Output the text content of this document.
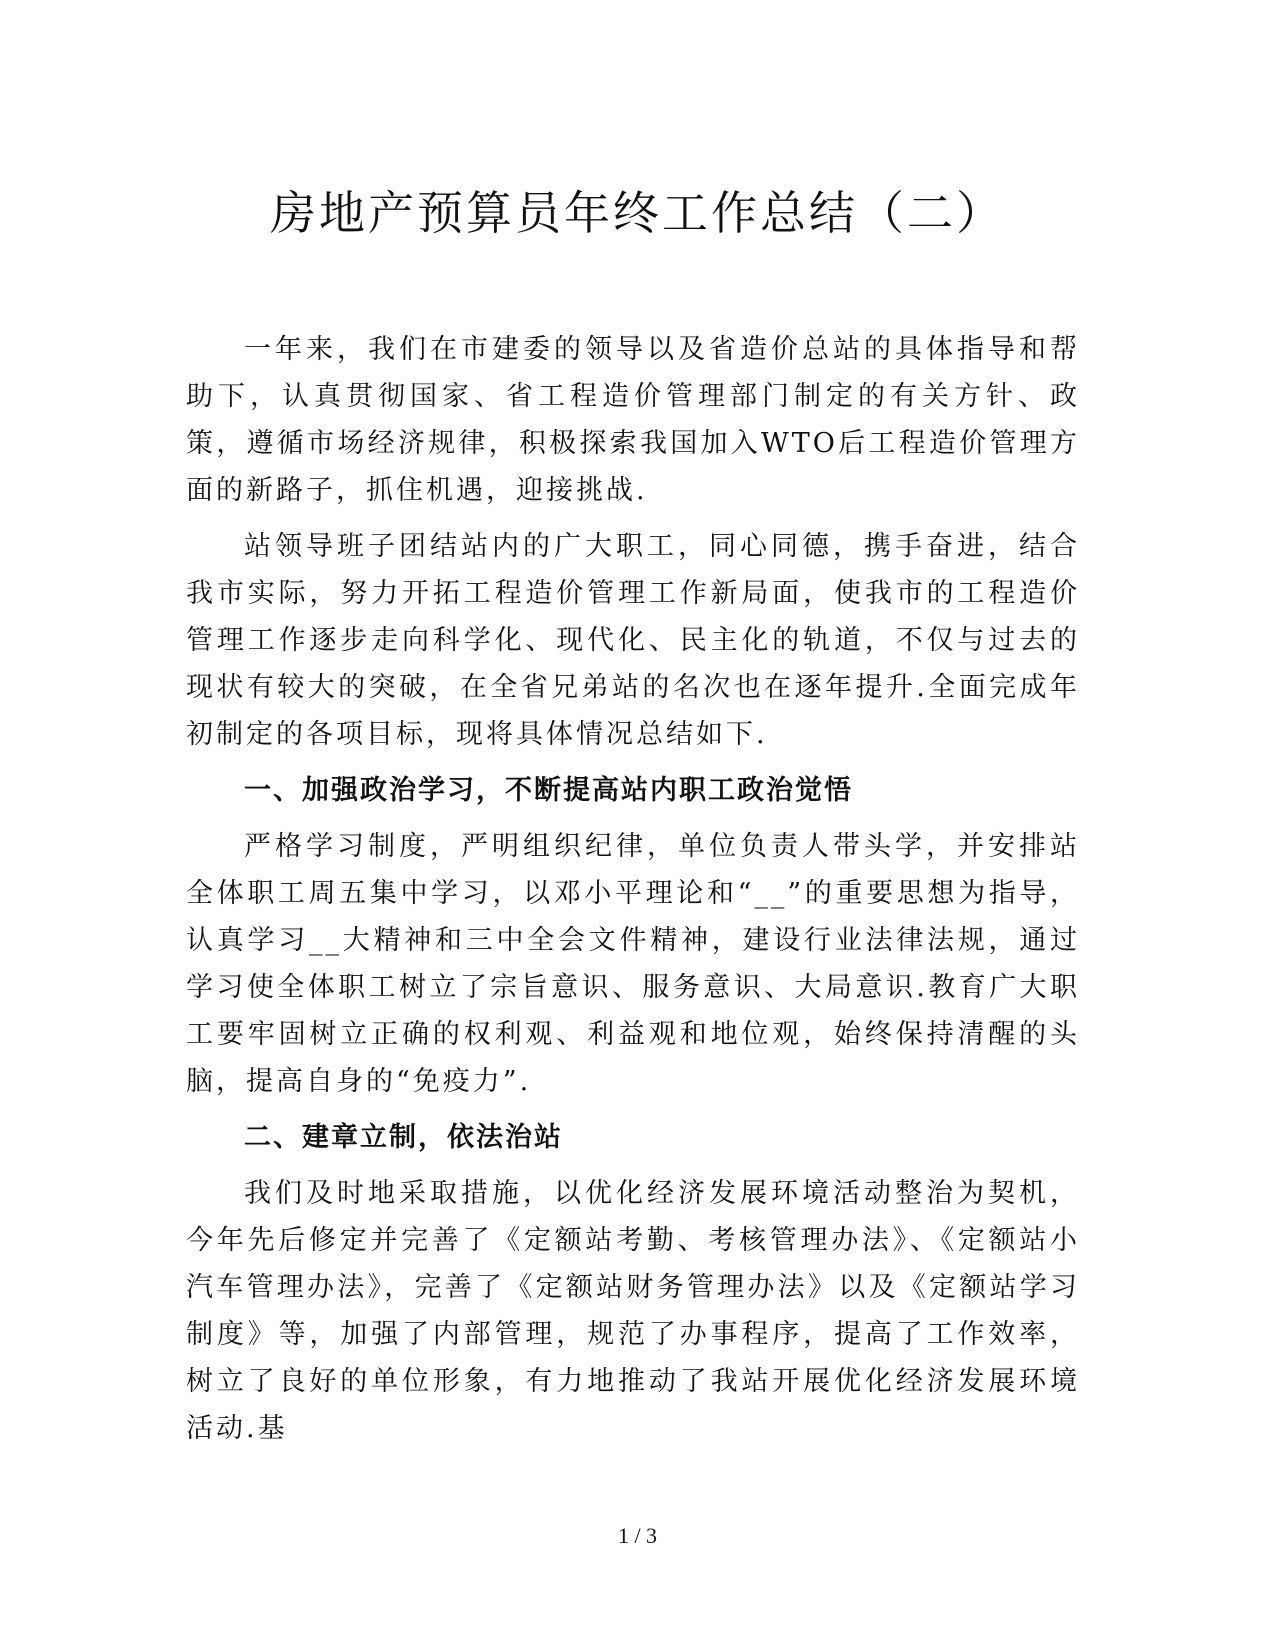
房地产预算员年终工作总结（二）

一年来，我们在市建委的领导以及省造价总站的具体指导和帮助下，认真贯彻国家、省工程造价管理部门制定的有关方针、政策，遵循市场经济规律，积极探索我国加入WTO后工程造价管理方面的新路子，抓住机遇，迎接挑战.

站领导班子团结站内的广大职工，同心同德，携手奋进，结合我市实际，努力开拓工程造价管理工作新局面，使我市的工程造价管理工作逐步走向科学化、现代化、民主化的轨道，不仅与过去的现状有较大的突破，在全省兄弟站的名次也在逐年提升.全面完成年初制定的各项目标，现将具体情况总结如下.

一、加强政治学习，不断提高站内职工政治觉悟

严格学习制度，严明组织纪律，单位负责人带头学，并安排站全体职工周五集中学习，以邓小平理论和“__”的重要思想为指导，认真学习__大精神和三中全会文件精神，建设行业法律法规，通过学习使全体职工树立了宗旨意识、服务意识、大局意识.教育广大职工要牢固树立正确的权利观、利益观和地位观，始终保持清醒的头脑，提高自身的“免疫力”.

二、建章立制，依法治站

我们及时地采取措施，以优化经济发展环境活动整治为契机，今年先后修定并完善了《定额站考勤、考核管理办法》、《定额站小汽车管理办法》，完善了《定额站财务管理办法》以及《定额站学习制度》等，加强了内部管理，规范了办事程序，提高了工作效率，树立了良好的单位形象，有力地推动了我站开展优化经济发展环境活动.基

1 / 3
